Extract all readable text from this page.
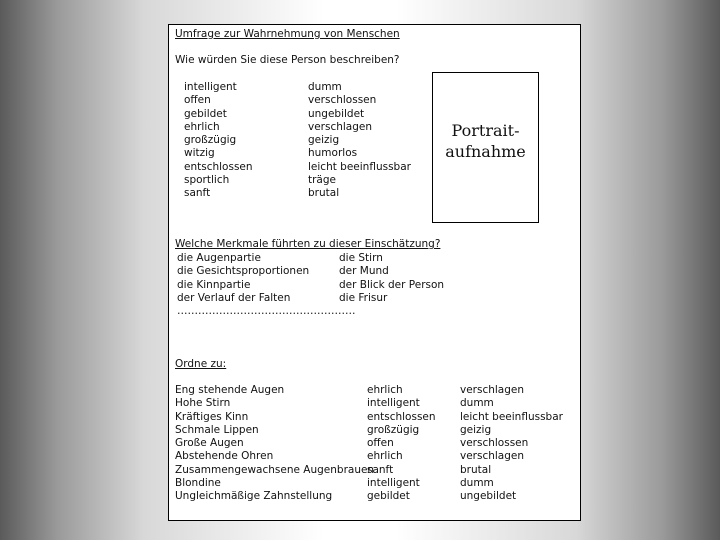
Umfrage zur Wahrnehmung von Menschen
Wie würden Sie diese Person beschreiben?
intelligent
offen
gebildet
ehrlich
großzügig
witzig
entschlossen
sportlich
sanft
dumm
verschlossen
ungebildet
verschlagen
geizig
humorlos
leicht beeinflussbar
träge
brutal
Portrait-
aufnahme
Welche Merkmale führten zu dieser Einschätzung?
die Augenpartie
die Gesichtsproportionen
die Kinnpartie
der Verlauf der Falten
……………………………………………
die Stirn
der Mund
der Blick der Person
die Frisur
Ordne zu:
Eng stehende Augen
Hohe Stirn
Kräftiges Kinn
Schmale Lippen
Große Augen
Abstehende Ohren
Zusammengewachsene Augenbrauen
Blondine
Ungleichmäßige Zahnstellung
ehrlich
intelligent
entschlossen
großzügig
offen
ehrlich
sanft
intelligent
gebildet
verschlagen
dumm
leicht beeinflussbar
geizig
verschlossen
verschlagen
brutal
dumm
ungebildet
